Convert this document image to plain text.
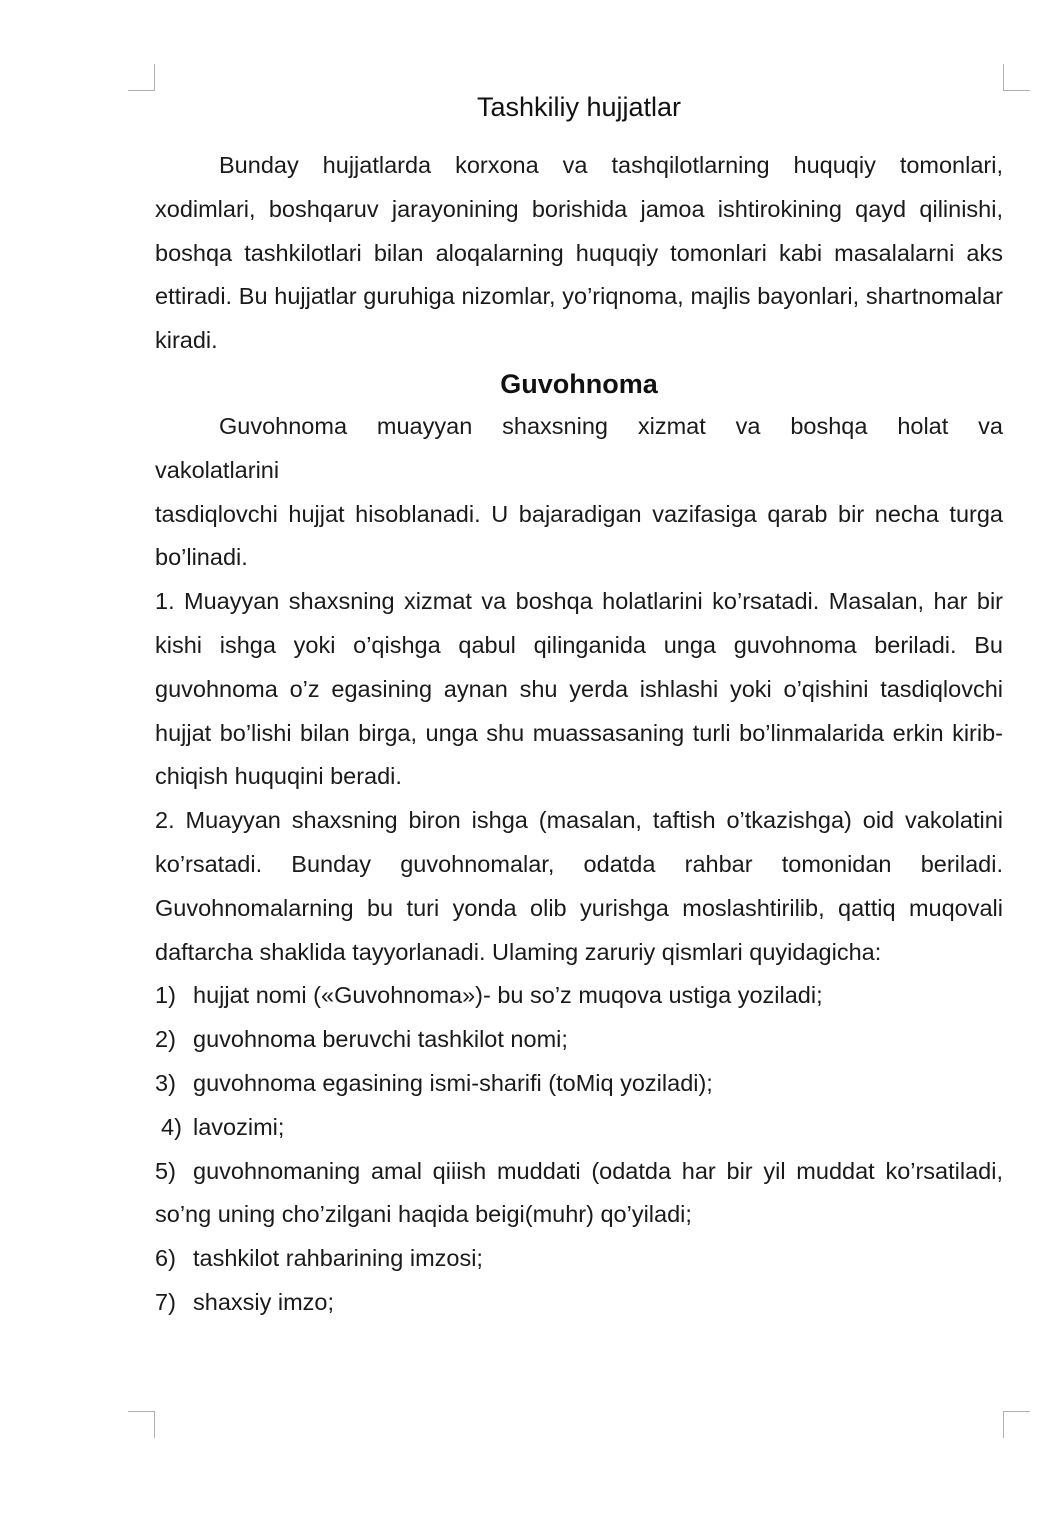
Tashkiliy hujjatlar

Bunday hujjatlarda korxona va tashqilotlarning huquqiy tomonlari, xodimlari, boshqaruv jarayonining borishida jamoa ishtirokining qayd qilinishi, boshqa tashkilotlari bilan aloqalarning huquqiy tomonlari kabi masalalarni aks ettiradi. Bu hujjatlar guruhiga nizomlar, yo’riqnoma, majlis bayonlari, shartnomalar kiradi.

Guvohnoma

Guvohnoma muayyan shaxsning xizmat va boshqa holat va

vakolatlarini

tasdiqlovchi hujjat hisoblanadi. U bajaradigan vazifasiga qarab bir necha turga bo’linadi.

1. Muayyan shaxsning xizmat va boshqa holatlarini ko’rsatadi. Masalan, har bir kishi ishga yoki o’qishga qabul qilinganida unga guvohnoma beriladi. Bu guvohnoma o’z egasining aynan shu yerda ishlashi yoki o’qishini tasdiqlovchi hujjat bo’lishi bilan birga, unga shu muassasaning turli bo’linmalarida erkin kirib-chiqish huquqini beradi.

2. Muayyan shaxsning biron ishga (masalan, taftish o’tkazishga) oid vakolatini ko’rsatadi. Bunday guvohnomalar, odatda rahbar tomonidan beriladi. Guvohnomalarning bu turi yonda olib yurishga moslashtirilib, qattiq muqovali daftarcha shaklida tayyorlanadi. Ulaming zaruriy qismlari quyidagicha:

1) hujjat nomi («Guvohnoma»)- bu so’z muqova ustiga yoziladi;
2) guvohnoma beruvchi tashkilot nomi;
3) guvohnoma egasining ismi-sharifi (toMiq yoziladi);
4) lavozimi;
5) guvohnomaning amal qiiish muddati (odatda har bir yil muddat ko’rsatiladi, so’ng uning cho’zilgani haqida beigi(muhr) qo’yiladi;
6) tashkilot rahbarining imzosi;
7) shaxsiy imzo;
